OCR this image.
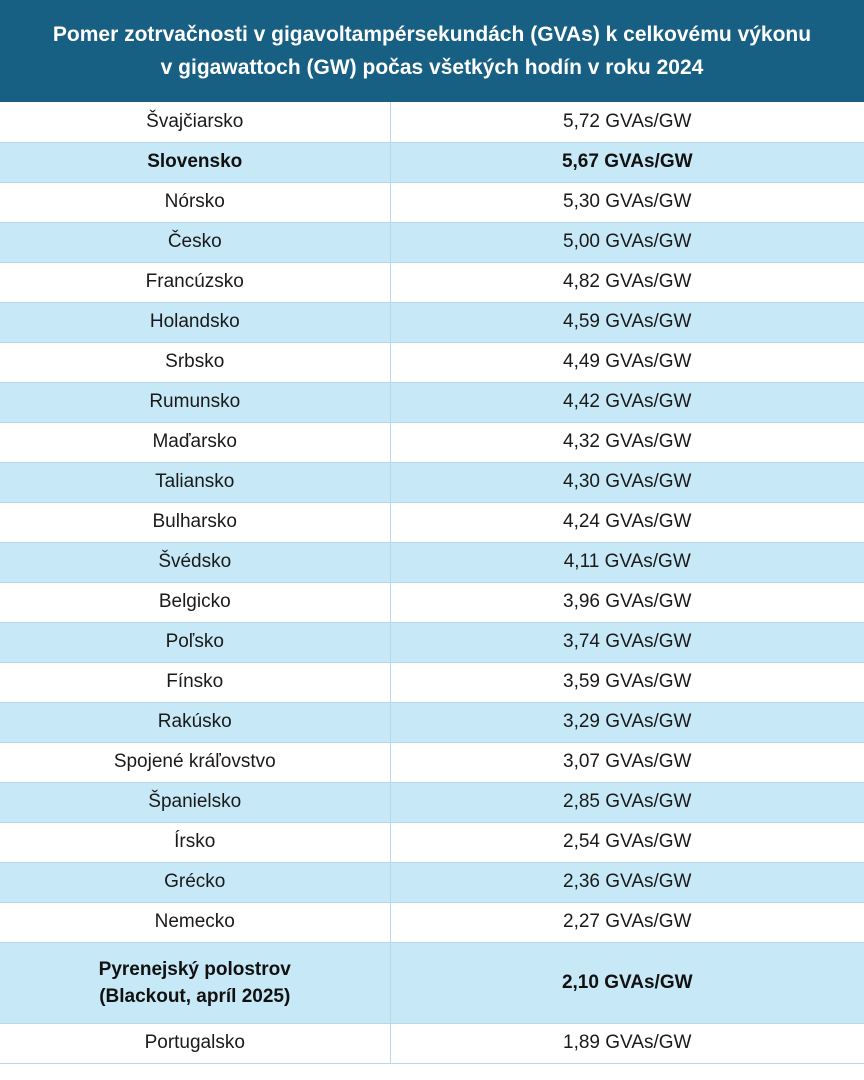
Pomer zotrvačnosti v gigavoltampérsekundách (GVAs) k celkovému výkonu
v gigawattoch (GW) počas všetkých hodín v roku 2024
Švajčiarsko	5,72 GVAs/GW

Slovensko	5,67 GVAs/GW

Nórsko	5,30 GVAs/GW

Česko	5,00 GVAs/GW

Francúzsko	4,82 GVAs/GW

Holandsko	4,59 GVAs/GW

Srbsko	4,49 GVAs/GW

Rumunsko	4,42 GVAs/GW

Maďarsko	4,32 GVAs/GW

Taliansko	4,30 GVAs/GW

Bulharsko	4,24 GVAs/GW

Švédsko	4,11 GVAs/GW

Belgicko	3,96 GVAs/GW

Poľsko	3,74 GVAs/GW

Fínsko	3,59 GVAs/GW

Rakúsko	3,29 GVAs/GW

Spojené kráľovstvo	3,07 GVAs/GW

Španielsko	2,85 GVAs/GW

Írsko	2,54 GVAs/GW

Grécko	2,36 GVAs/GW

Nemecko	2,27 GVAs/GW

Pyrenejský polostrov
(Blackout, apríl 2025)	2,10 GVAs/GW

Portugalsko	1,89 GVAs/GW
